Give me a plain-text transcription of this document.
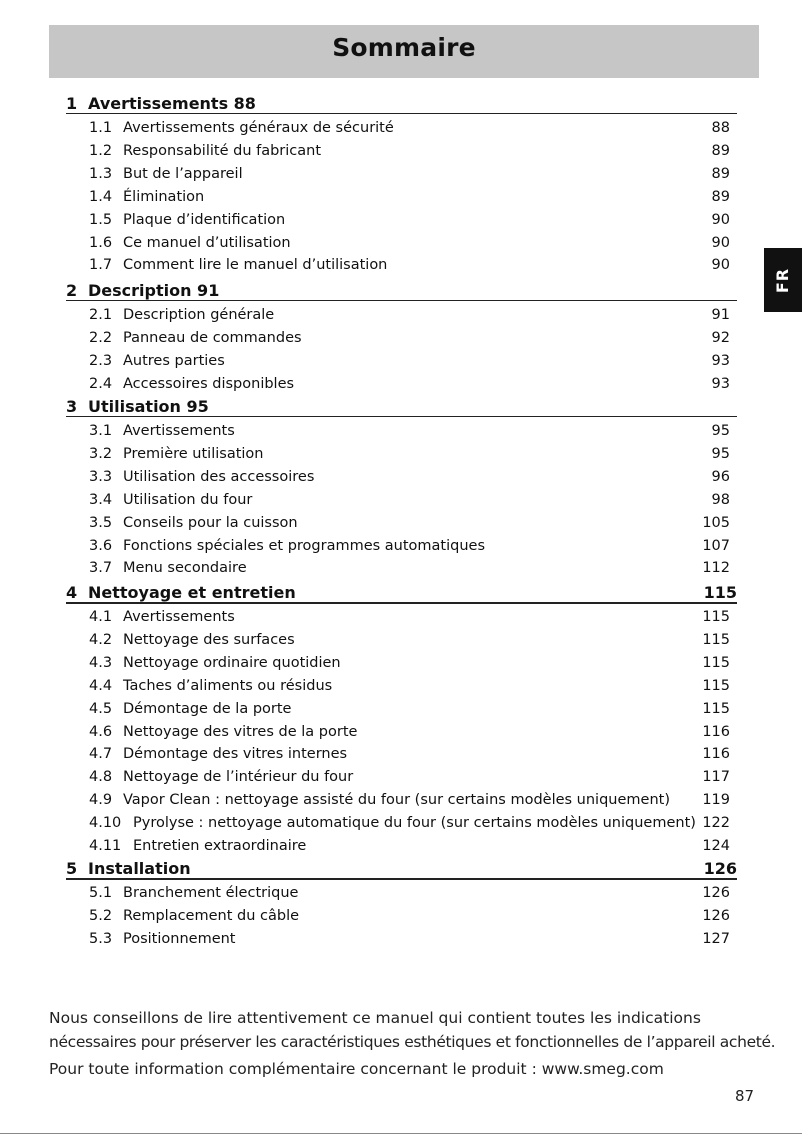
Sommaire
FR
1 Avertissements 88
1.1 Avertissements généraux de sécurité	88
1.2 Responsabilité du fabricant	89
1.3 But de l’appareil	89
1.4 Élimination	89
1.5 Plaque d’identification	90
1.6 Ce manuel d’utilisation	90
1.7 Comment lire le manuel d’utilisation	90
2 Description 91
2.1 Description générale	91
2.2 Panneau de commandes	92
2.3 Autres parties	93
2.4 Accessoires disponibles	93
3 Utilisation 95
3.1 Avertissements	95
3.2 Première utilisation	95
3.3 Utilisation des accessoires	96
3.4 Utilisation du four	98
3.5 Conseils pour la cuisson	105
3.6 Fonctions spéciales et programmes automatiques	107
3.7 Menu secondaire	112
4 Nettoyage et entretien	115
4.1 Avertissements	115
4.2 Nettoyage des surfaces	115
4.3 Nettoyage ordinaire quotidien	115
4.4 Taches d’aliments ou résidus	115
4.5 Démontage de la porte	115
4.6 Nettoyage des vitres de la porte	116
4.7 Démontage des vitres internes	116
4.8 Nettoyage de l’intérieur du four	117
4.9 Vapor Clean : nettoyage assisté du four (sur certains modèles uniquement)	119
4.10 Pyrolyse : nettoyage automatique du four (sur certains modèles uniquement) 122
4.11 Entretien extraordinaire	124
5 Installation	126
5.1 Branchement électrique	126
5.2 Remplacement du câble	126
5.3 Positionnement	127

Nous conseillons de lire attentivement ce manuel qui contient toutes les indications

nécessaires pour préserver les caractéristiques esthétiques et fonctionnelles de l’appareil acheté.

Pour toute information complémentaire concernant le produit : www.smeg.com

87
